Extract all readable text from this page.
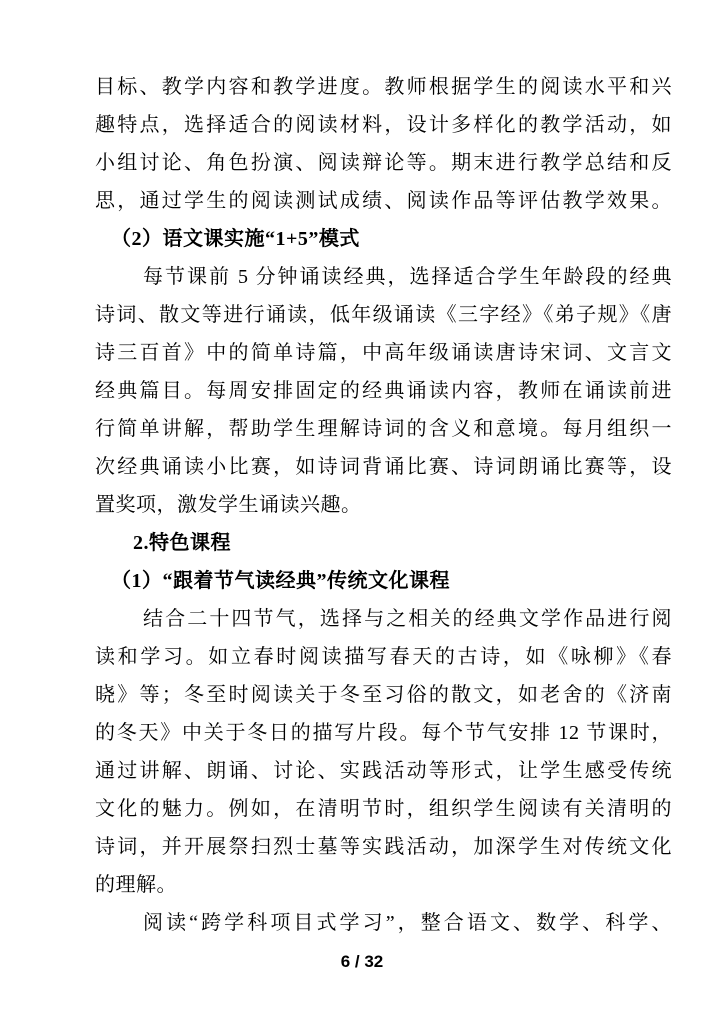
目标、教学内容和教学进度。教师根据学生的阅读水平和兴
趣特点，选择适合的阅读材料，设计多样化的教学活动，如
小组讨论、角色扮演、阅读辩论等。期末进行教学总结和反
思，通过学生的阅读测试成绩、阅读作品等评估教学效果。
（2）语文课实施“1+5”模式
每节课前 5 分钟诵读经典，选择适合学生年龄段的经典
诗词、散文等进行诵读，低年级诵读《三字经》《弟子规》《唐
诗三百首》中的简单诗篇，中高年级诵读唐诗宋词、文言文
经典篇目。每周安排固定的经典诵读内容，教师在诵读前进
行简单讲解，帮助学生理解诗词的含义和意境。每月组织一
次经典诵读小比赛，如诗词背诵比赛、诗词朗诵比赛等，设
置奖项，激发学生诵读兴趣。
2.特色课程
（1）“跟着节气读经典”传统文化课程
结合二十四节气，选择与之相关的经典文学作品进行阅
读和学习。如立春时阅读描写春天的古诗，如《咏柳》《春
晓》等；冬至时阅读关于冬至习俗的散文，如老舍的《济南
的冬天》中关于冬日的描写片段。每个节气安排 12 节课时，
通过讲解、朗诵、讨论、实践活动等形式，让学生感受传统
文化的魅力。例如，在清明节时，组织学生阅读有关清明的
诗词，并开展祭扫烈士墓等实践活动，加深学生对传统文化
的理解。
阅读“跨学科项目式学习”，整合语文、数学、科学、
6 / 32
